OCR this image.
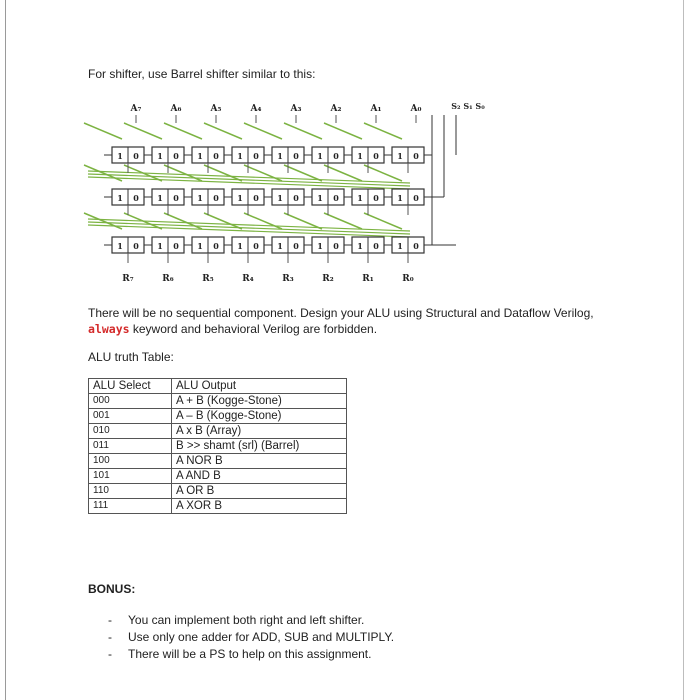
For shifter, use Barrel shifter similar to this:
A₇	A₆	A₅	A₄	A₃	A₂	A₁	A₀	S₂ S₁ S₀
1 0 1 0 1 0 1 0 1 0 1 0 1 0 1 0
1 0 1 0 1 0 1 0 1 0 1 0 1 0 1 0
1 0 1 0 1 0 1 0 1 0 1 0 1 0 1 0
R₇	R₆	R₅	R₄	R₃	R₂	R₁	R₀
There will be no sequential component. Design your ALU using Structural and Dataflow Verilog, always keyword and behavioral Verilog are forbidden.
ALU truth Table:
ALU Select	ALU Output
000	A + B (Kogge-Stone)
001	A – B (Kogge-Stone)
010	A x B (Array)
011	B >> shamt (srl) (Barrel)
100	A NOR B
101	A AND B
110	A OR B
111	A XOR B
BONUS:
- You can implement both right and left shifter.
- Use only one adder for ADD, SUB and MULTIPLY.
- There will be a PS to help on this assignment.
